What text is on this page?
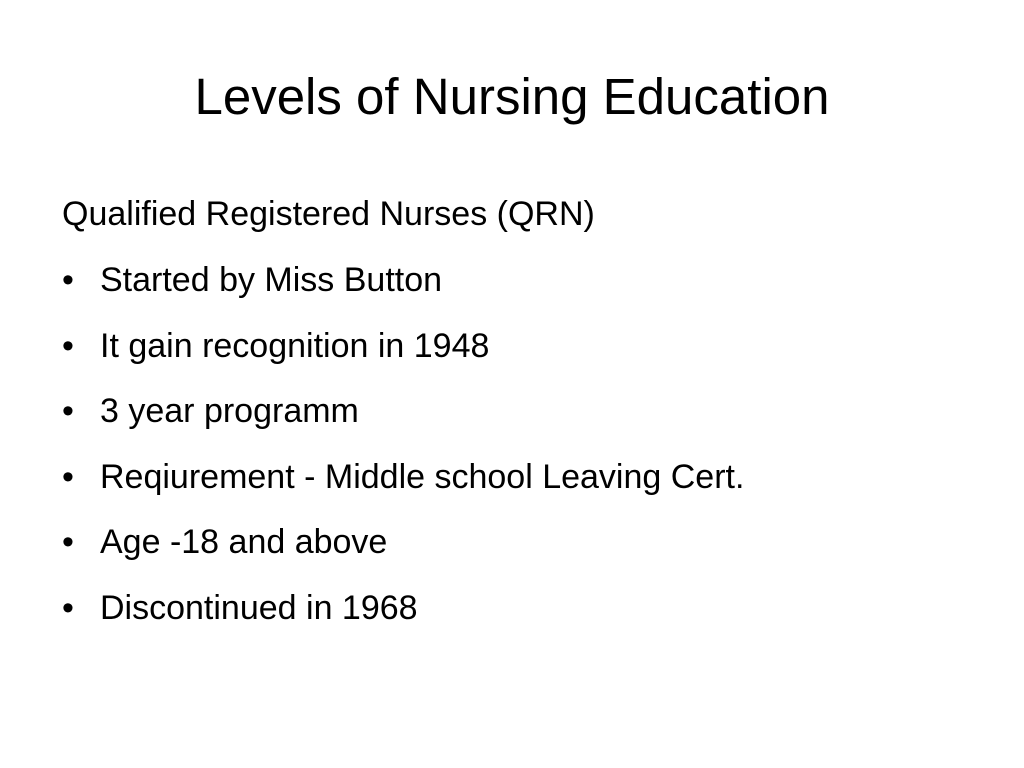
Levels of Nursing Education

Qualified Registered Nurses (QRN)

• Started by Miss Button
• It gain recognition in 1948
• 3 year programm
• Reqiurement - Middle school Leaving Cert.
• Age -18 and above
• Discontinued in 1968
